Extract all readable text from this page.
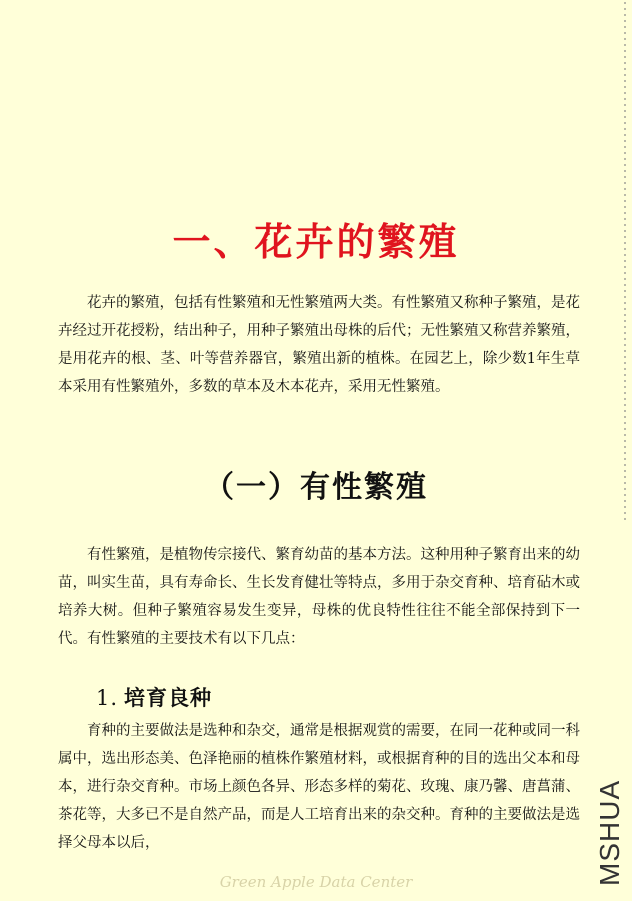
一、花卉的繁殖

花卉的繁殖，包括有性繁殖和无性繁殖两大类。有性繁殖又称种子繁殖，是花卉经过开花授粉，结出种子，用种子繁殖出母株的后代；无性繁殖又称营养繁殖，是用花卉的根、茎、叶等营养器官，繁殖出新的植株。在园艺上，除少数1年生草本采用有性繁殖外，多数的草本及木本花卉，采用无性繁殖。

（一）有性繁殖

有性繁殖，是植物传宗接代、繁育幼苗的基本方法。这种用种子繁育出来的幼苗，叫实生苗，具有寿命长、生长发育健壮等特点，多用于杂交育种、培育砧木或培养大树。但种子繁殖容易发生变异，母株的优良特性往往不能全部保持到下一代。有性繁殖的主要技术有以下几点：

1. 培育良种

育种的主要做法是选种和杂交，通常是根据观赏的需要，在同一花种或同一科属中，选出形态美、色泽艳丽的植株作繁殖材料，或根据育种的目的选出父本和母本，进行杂交育种。市场上颜色各异、形态多样的菊花、玫瑰、康乃馨、唐菖蒲、茶花等，大多已不是自然产品，而是人工培育出来的杂交种。育种的主要做法是选择父母本以后，

Green Apple Data Center	MSHUA
